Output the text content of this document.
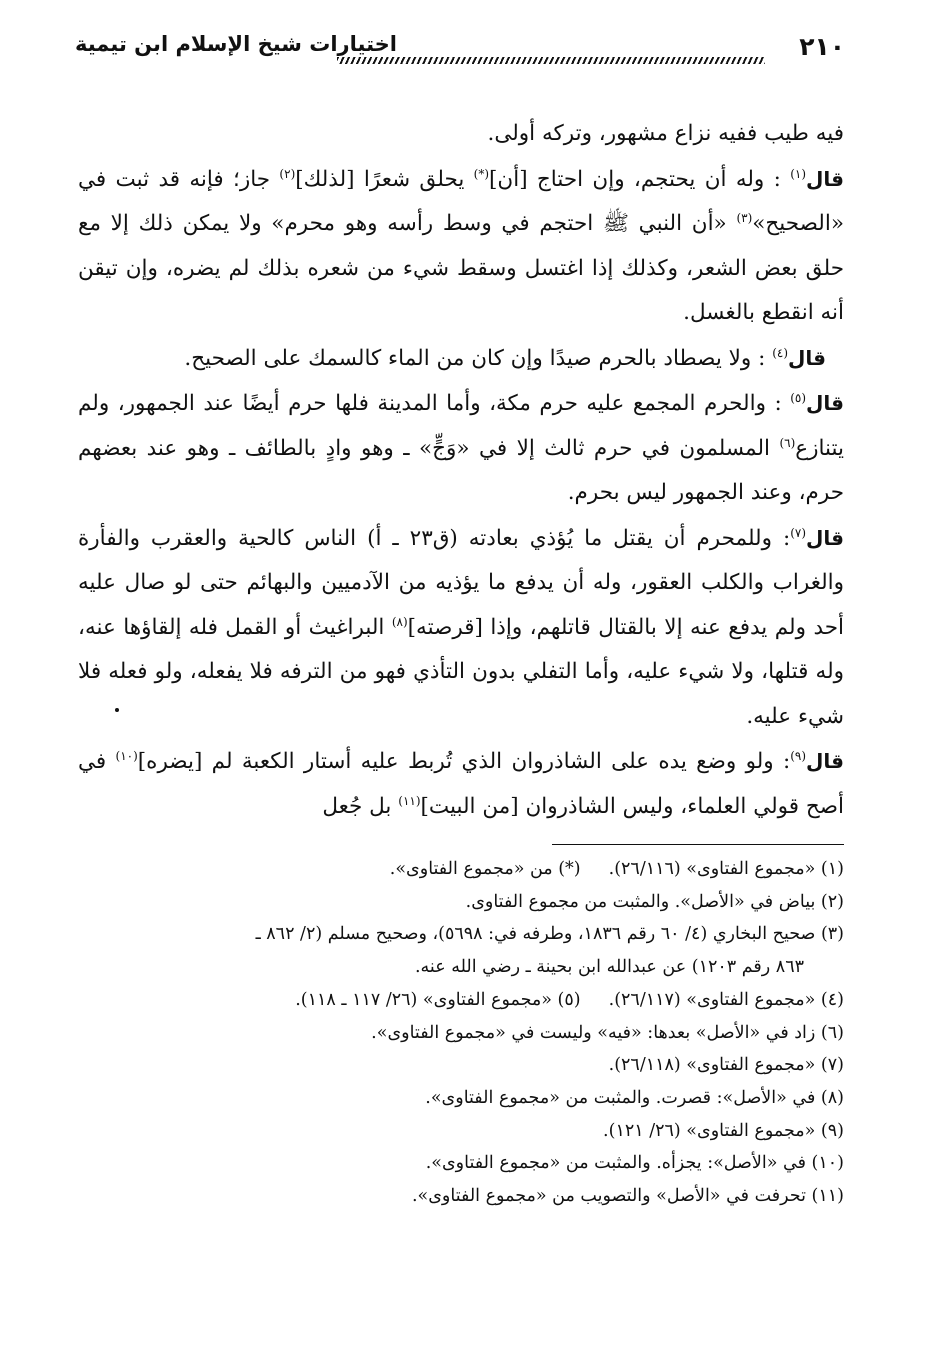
اختيارات شيخ الإسلام ابن تيمية	٢١٠

فيه طيب ففيه نزاع مشهور، وتركه أولى.

قال$^{(١)}$ : وله أن يحتجم، وإن احتاج [أن](*) يحلق شعرًا [لذلك]$^{(٢)}$ جاز؛ فإنه قد ثبت في «الصحيح»$^{(٣)}$ «أن النبي ﷺ احتجم في وسط رأسه وهو محرم» ولا يمكن ذلك إلا مع حلق بعض الشعر، وكذلك إذا اغتسل وسقط شيء من شعره بذلك لم يضره، وإن تيقن أنه انقطع بالغسل.

قال$^{(٤)}$ : ولا يصطاد بالحرم صيدًا وإن كان من الماء كالسمك على الصحيح.

قال$^{(٥)}$ : والحرم المجمع عليه حرم مكة، وأما المدينة فلها حرم أيضًا عند الجمهور، ولم يتنازع$^{(٦)}$ المسلمون في حرم ثالث إلا في «وَجٍّ» ـ وهو وادٍ بالطائف ـ وهو عند بعضهم حرم، وعند الجمهور ليس بحرم.

قال$^{(٧)}$: وللمحرم أن يقتل ما يُؤذي بعادته (ق٢٣ ـ أ) الناس كالحية والعقرب والفأرة والغراب والكلب العقور، وله أن يدفع ما يؤذيه من الآدميين والبهائم حتى لو صال عليه أحد ولم يدفع عنه إلا بالقتال قاتلهم، وإذا [قرصته]$^{(٨)}$ البراغيث أو القمل فله إلقاؤها عنه، وله قتلها، ولا شيء عليه، وأما التفلي بدون التأذي فهو من الترفه فلا يفعله، ولو فعله فلا شيء عليه.

قال$^{(٩)}$: ولو وضع يده على الشاذروان الذي تُربط عليه أستار الكعبة لم [يضره]$^{(١٠)}$ في أصح قولي العلماء، وليس الشاذروان [من البيت]$^{(١١)}$ بل جُعل

(١) «مجموع الفتاوى» (٢٦/١١٦).(*) من «مجموع الفتاوى».

(٢) بياض في «الأصل». والمثبت من مجموع الفتاوى.

(٣) صحيح البخاري (٤/ ٦٠ رقم ١٨٣٦، وطرفه في: ٥٦٩٨)، وصحيح مسلم (٢/ ٨٦٢ ـ

٨٦٣ رقم ١٢٠٣) عن عبدالله ابن بحينة ـ رضي الله عنه.

(٤) «مجموع الفتاوى» (٢٦/١١٧).(٥) «مجموع الفتاوى» (٢٦/ ١١٧ ـ ١١٨).

(٦) زاد في «الأصل» بعدها: «فيه» وليست في «مجموع الفتاوى».

(٧) «مجموع الفتاوى» (٢٦/١١٨).

(٨) في «الأصل»: قصرت. والمثبت من «مجموع الفتاوى».

(٩) «مجموع الفتاوى» (٢٦/ ١٢١).

(١٠) في «الأصل»: يجزأه. والمثبت من «مجموع الفتاوى».

(١١) تحرفت في «الأصل» والتصويب من «مجموع الفتاوى».
